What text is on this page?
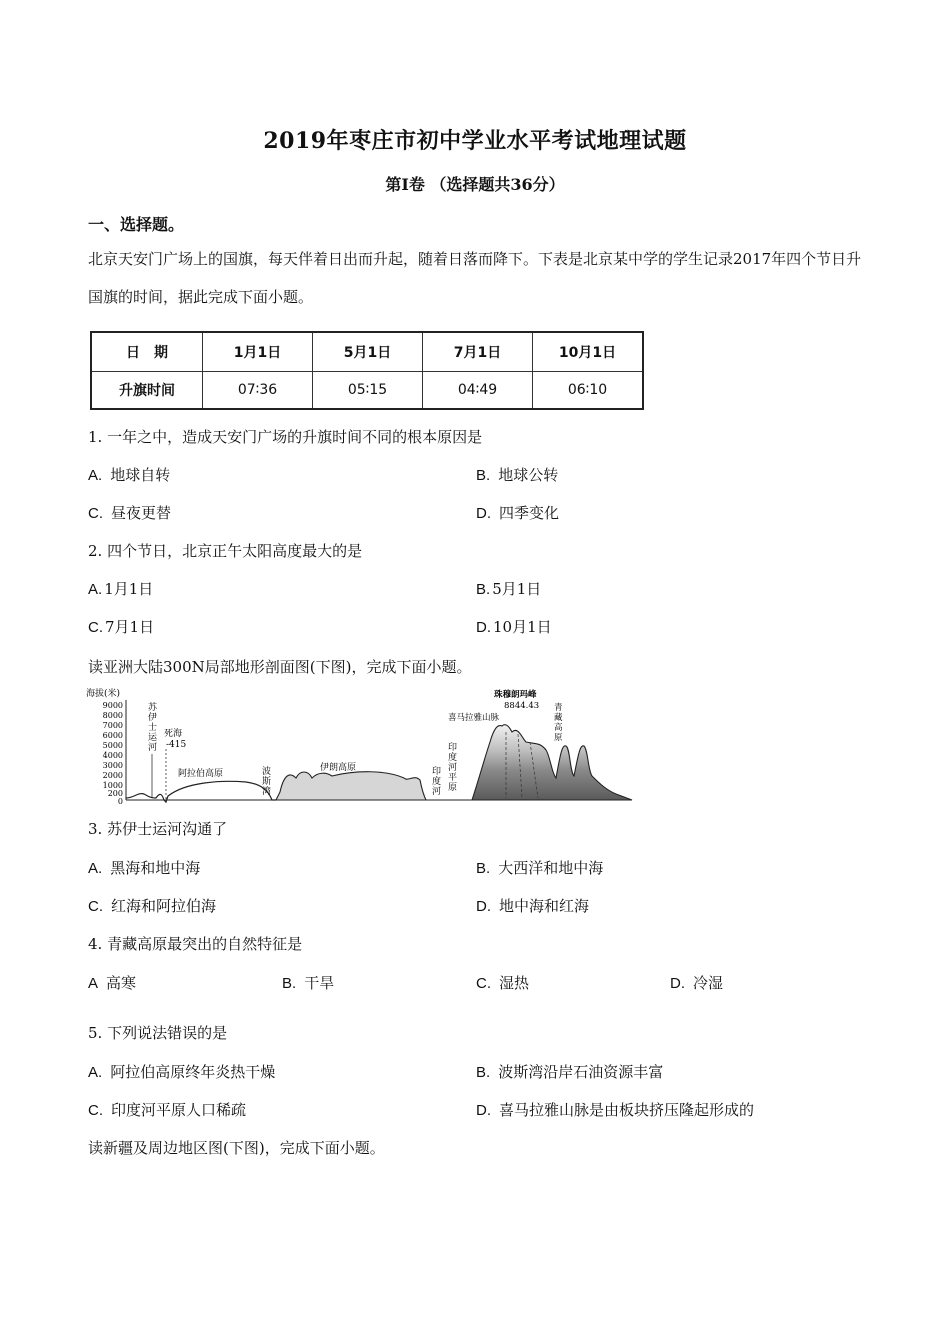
2019年枣庄市初中学业水平考试地理试题
第Ⅰ卷 （选择题共36分）
一、选择题。
北京天安门广场上的国旗，每天伴着日出而升起，随着日落而降下。下表是北京某中学的学生记录2017年四个节日升国旗的时间，据此完成下面小题。
日　期	1月1日	5月1日	7月1日	10月1日
升旗时间	07∶36	05∶15	04∶49	06∶10
1. 一年之中，造成天安门广场的升旗时间不同的根本原因是
A. 地球自转	B. 地球公转
C. 昼夜更替	D. 四季变化
2. 四个节日，北京正午太阳高度最大的是
A. 1月1日	B. 5月1日
C. 7月1日	D. 10月1日
读亚洲大陆300N局部地形剖面图(下图)，完成下面小题。
海拔(米)
9000
8000
7000
6000
5000
4000
3000
2000
1000
200
0
苏
伊
士
运
河
死海
-415
阿拉伯高原	波
斯
湾
伊朗高原
印
度
河
平
原
印
度
河
珠穆朗玛峰
8844.43
喜马拉雅山脉
青
藏
高
原
3. 苏伊士运河沟通了
A. 黑海和地中海	B. 大西洋和地中海
C. 红海和阿拉伯海	D. 地中海和红海
4. 青藏高原最突出的自然特征是
A 高寒	B. 干旱	C. 湿热	D. 冷湿
5. 下列说法错误的是
A. 阿拉伯高原终年炎热干燥	B. 波斯湾沿岸石油资源丰富
C. 印度河平原人口稀疏	D. 喜马拉雅山脉是由板块挤压隆起形成的
读新疆及周边地区图(下图)，完成下面小题。
